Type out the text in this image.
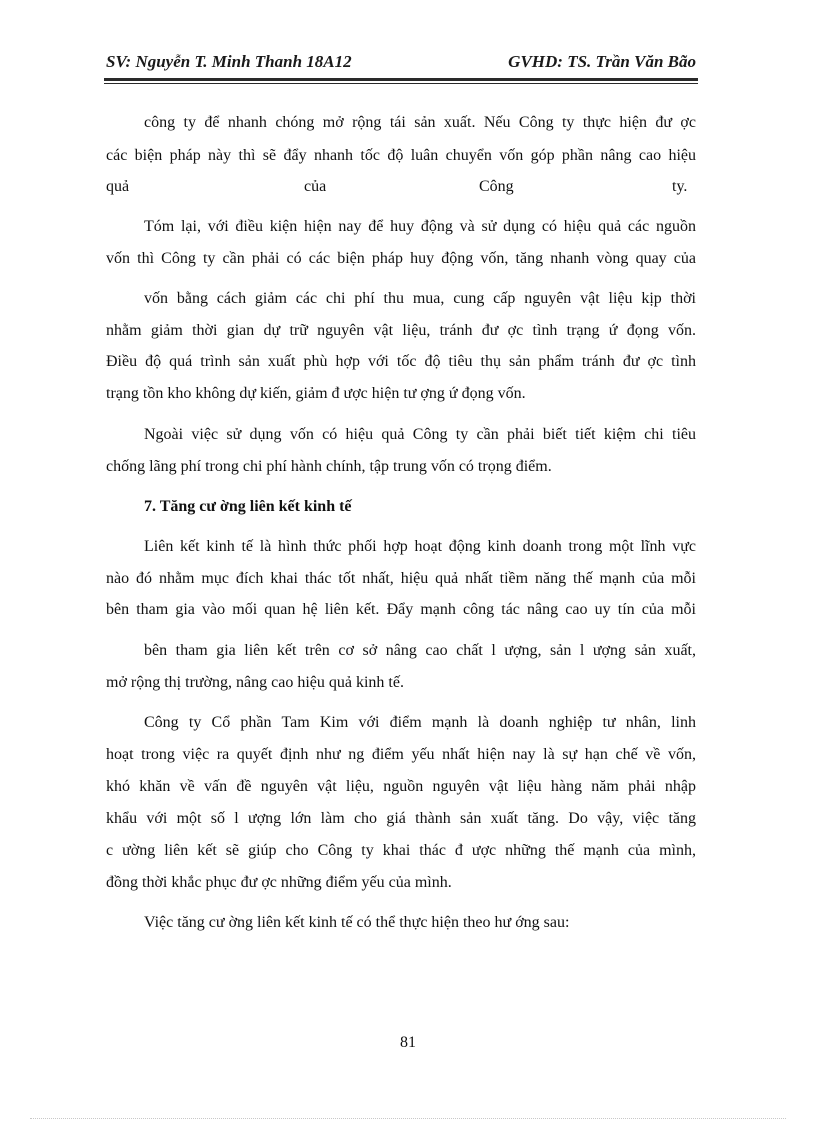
SV: Nguyễn T. Minh Thanh 18A12	GVHD: TS. Trần Văn Bão
công ty để nhanh chóng mở rộng tái sản xuất. Nếu Công ty thực hiện đư ợc
các biện pháp này thì sẽ đẩy nhanh tốc độ luân chuyển vốn góp phần nâng cao hiệu
quả	của	Công	ty.
Tóm lại, với điều kiện hiện nay để huy động và sử dụng có hiệu quả các nguồn
vốn thì Công ty cần phải có các biện pháp huy động vốn, tăng nhanh vòng quay của
vốn bằng cách giảm các chi phí thu mua, cung cấp nguyên vật liệu kịp thời
nhằm giảm thời gian dự trữ nguyên vật liệu, tránh đư ợc tình trạng ứ đọng vốn.
Điều độ quá trình sản xuất phù hợp với tốc độ tiêu thụ sản phẩm tránh đư ợc tình
trạng tồn kho không dự kiến, giảm đ ược hiện tư ợng ứ đọng vốn.
Ngoài việc sử dụng vốn có hiệu quả Công ty cần phải biết tiết kiệm chi tiêu
chống lãng phí trong chi phí hành chính, tập trung vốn có trọng điểm.
7. Tăng cư ờng liên kết kinh tế
Liên kết kinh tế là hình thức phối hợp hoạt động kinh doanh trong một lĩnh vực
nào đó nhằm mục đích khai thác tốt nhất, hiệu quả nhất tiềm năng thế mạnh của mỗi
bên tham gia vào mối quan hệ liên kết. Đẩy mạnh công tác nâng cao uy tín của mỗi
bên tham gia liên kết trên cơ sở nâng cao chất l ượng, sản l ượng sản xuất,
mở rộng thị trường, nâng cao hiệu quả kinh tế.
Công ty Cổ phần Tam Kim với điểm mạnh là doanh nghiệp tư nhân, linh
hoạt trong việc ra quyết định như ng điểm yếu nhất hiện nay là sự hạn chế về vốn,
khó khăn về vấn đề nguyên vật liệu, nguồn nguyên vật liệu hàng năm phải nhập
khẩu với một số l ượng lớn làm cho giá thành sản xuất tăng. Do vậy, việc tăng
c ường liên kết sẽ giúp cho Công ty khai thác đ ược những thế mạnh của mình,
đồng thời khắc phục đư ợc những điểm yếu của mình.
Việc tăng cư ờng liên kết kinh tế có thể thực hiện theo hư ớng sau:
81
